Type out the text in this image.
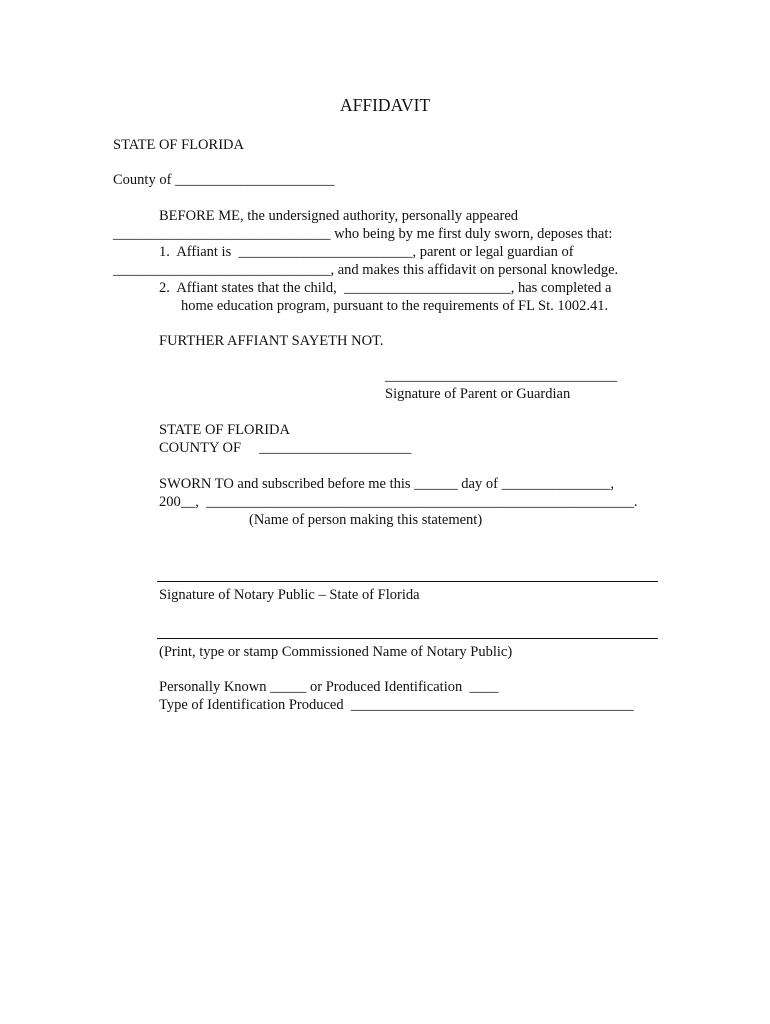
AFFIDAVIT
STATE OF FLORIDA
County of ______________________
BEFORE ME, the undersigned authority, personally appeared
______________________________ who being by me first duly sworn, deposes that:
1.  Affiant is  ________________________, parent or legal guardian of
______________________________, and makes this affidavit on personal knowledge.
2.  Affiant states that the child,  _______________________, has completed a
home education program, pursuant to the requirements of FL St. 1002.41.
FURTHER AFFIANT SAYETH NOT.
________________________________
Signature of Parent or Guardian
STATE OF FLORIDA
COUNTY OF     _____________________
SWORN TO and subscribed before me this ______ day of _______________,
200__,  ___________________________________________________________.
(Name of person making this statement)
Signature of Notary Public – State of Florida
(Print, type or stamp Commissioned Name of Notary Public)
Personally Known _____ or Produced Identification  ____
Type of Identification Produced  _______________________________________
